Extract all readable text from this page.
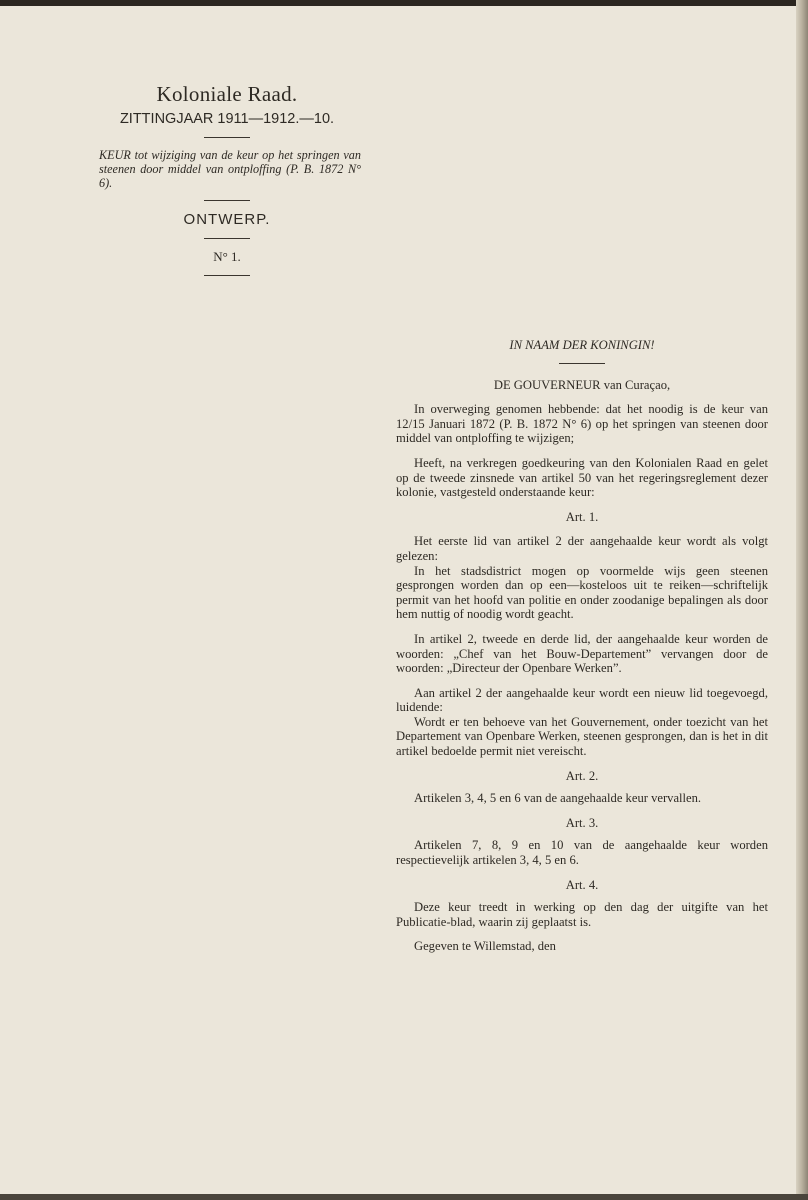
Koloniale Raad.
ZITTINGJAAR 1911—1912.—10.
KEUR tot wijziging van de keur op het springen van steenen door middel van ontploffing (P. B. 1872 N° 6).
ONTWERP.
N° 1.
IN NAAM DER KONINGIN!
DE GOUVERNEUR van Curaçao,

In overweging genomen hebbende: dat het noodig is de keur van 12/15 Januari 1872 (P. B. 1872 N° 6) op het springen van steenen door middel van ontploffing te wijzigen;

Heeft, na verkregen goedkeuring van den Kolonialen Raad en gelet op de tweede zinsnede van artikel 50 van het regeringsreglement dezer kolonie, vastgesteld onderstaande keur:

Art. 1.

Het eerste lid van artikel 2 der aangehaalde keur wordt als volgt gelezen:

In het stadsdistrict mogen op voormelde wijs geen steenen gesprongen worden dan op een—kosteloos uit te reiken—schriftelijk permit van het hoofd van politie en onder zoodanige bepalingen als door hem nuttig of noodig wordt geacht.

In artikel 2, tweede en derde lid, der aangehaalde keur worden de woorden: „Chef van het Bouw-Departement” vervangen door de woorden: „Directeur der Openbare Werken”.

Aan artikel 2 der aangehaalde keur wordt een nieuw lid toegevoegd, luidende:

Wordt er ten behoeve van het Gouvernement, onder toezicht van het Departement van Openbare Werken, steenen gesprongen, dan is het in dit artikel bedoelde permit niet vereischt.

Art. 2.

Artikelen 3, 4, 5 en 6 van de aangehaalde keur vervallen.

Art. 3.

Artikelen 7, 8, 9 en 10 van de aangehaalde keur worden respectievelijk artikelen 3, 4, 5 en 6.

Art. 4.

Deze keur treedt in werking op den dag der uitgifte van het Publicatie-blad, waarin zij geplaatst is.

Gegeven te Willemstad, den
